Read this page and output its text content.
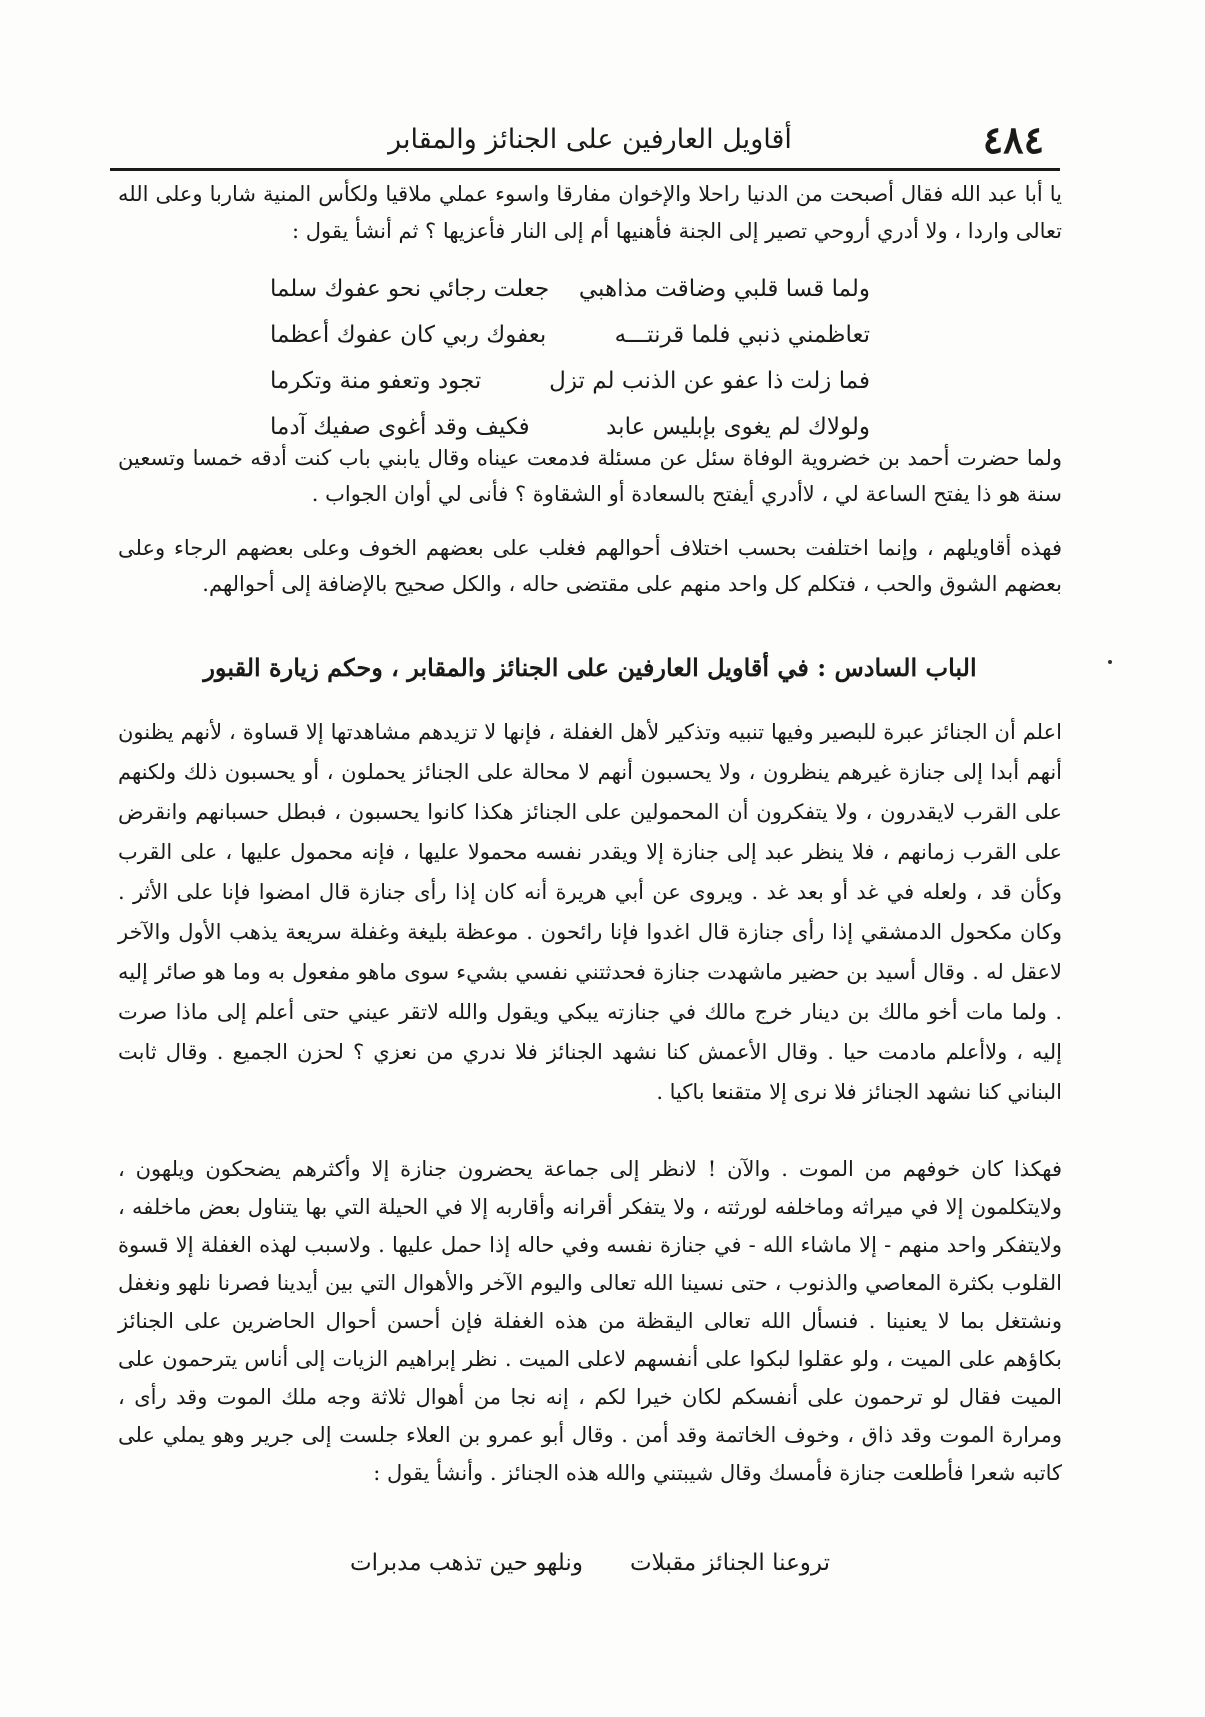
٤٨٤
أقاويل العارفين على الجنائز والمقابر
يا أبا عبد الله فقال أصبحت من الدنيا راحلا والإخوان مفارقا واسوء عملي ملاقيا ولكأس المنية شاربا وعلى الله تعالى واردا ، ولا أدري أروحي تصير إلى الجنة فأهنيها أم إلى النار فأعزيها ؟ ثم أنشأ يقول :
ولما قسا قلبي وضاقت مذاهبي
جعلت رجائي نحو عفوك سلما
تعاظمني ذنبي فلما قرنتـــه
بعفوك ربي كان عفوك أعظما
فما زلت ذا عفو عن الذنب لم تزل
تجود وتعفو منة وتكرما
ولولاك لم يغوى بإبليس عابد
فكيف وقد أغوى صفيك آدما
ولما حضرت أحمد بن خضروية الوفاة سئل عن مسئلة فدمعت عيناه وقال يابني باب كنت أدقه خمسا وتسعين سنة هو ذا يفتح الساعة لي ، لاأدري أيفتح بالسعادة أو الشقاوة ؟ فأنى لي أوان الجواب .
فهذه أقاويلهم ، وإنما اختلفت بحسب اختلاف أحوالهم فغلب على بعضهم الخوف وعلى بعضهم الرجاء وعلى بعضهم الشوق والحب ، فتكلم كل واحد منهم على مقتضى حاله ، والكل صحيح بالإضافة إلى أحوالهم.
الباب السادس : في أقاويل العارفين على الجنائز والمقابر ، وحكم زيارة القبور
اعلم أن الجنائز عبرة للبصير وفيها تنبيه وتذكير لأهل الغفلة ، فإنها لا تزيدهم مشاهدتها إلا قساوة ، لأنهم يظنون أنهم أبدا إلى جنازة غيرهم ينظرون ، ولا يحسبون أنهم لا محالة على الجنائز يحملون ، أو يحسبون ذلك ولكنهم على القرب لايقدرون ، ولا يتفكرون أن المحمولين على الجنائز هكذا كانوا يحسبون ، فبطل حسبانهم وانقرض على القرب زمانهم ، فلا ينظر عبد إلى جنازة إلا ويقدر نفسه محمولا عليها ، فإنه محمول عليها ، على القرب وكأن قد ، ولعله في غد أو بعد غد . ويروى عن أبي هريرة أنه كان إذا رأى جنازة قال امضوا فإنا على الأثر . وكان مكحول الدمشقي إذا رأى جنازة قال اغدوا فإنا رائحون . موعظة بليغة وغفلة سريعة يذهب الأول والآخر لاعقل له . وقال أسيد بن حضير ماشهدت جنازة فحدثتني نفسي بشيء سوى ماهو مفعول به وما هو صائر إليه . ولما مات أخو مالك بن دينار خرج مالك في جنازته يبكي ويقول والله لاتقر عيني حتى أعلم إلى ماذا صرت إليه ، ولاأعلم مادمت حيا . وقال الأعمش كنا نشهد الجنائز فلا ندري من نعزي ؟ لحزن الجميع . وقال ثابت البناني كنا نشهد الجنائز فلا نرى إلا متقنعا باكيا .
فهكذا كان خوفهم من الموت . والآن ! لانظر إلى جماعة يحضرون جنازة إلا وأكثرهم يضحكون ويلهون ، ولايتكلمون إلا في ميراثه وماخلفه لورثته ، ولا يتفكر أقرانه وأقاربه إلا في الحيلة التي بها يتناول بعض ماخلفه ، ولايتفكر واحد منهم - إلا ماشاء الله - في جنازة نفسه وفي حاله إذا حمل عليها . ولاسبب لهذه الغفلة إلا قسوة القلوب بكثرة المعاصي والذنوب ، حتى نسينا الله تعالى واليوم الآخر والأهوال التي بين أيدينا فصرنا نلهو ونغفل ونشتغل بما لا يعنينا . فنسأل الله تعالى اليقظة من هذه الغفلة فإن أحسن أحوال الحاضرين على الجنائز بكاؤهم على الميت ، ولو عقلوا لبكوا على أنفسهم لاعلى الميت . نظر إبراهيم الزيات إلى أناس يترحمون على الميت فقال لو ترحمون على أنفسكم لكان خيرا لكم ، إنه نجا من أهوال ثلاثة وجه ملك الموت وقد رأى ، ومرارة الموت وقد ذاق ، وخوف الخاتمة وقد أمن . وقال أبو عمرو بن العلاء جلست إلى جرير وهو يملي على كاتبه شعرا فأطلعت جنازة فأمسك وقال شيبتني والله هذه الجنائز . وأنشأ يقول :
تروعنا الجنائز مقبلات
ونلهو حين تذهب مدبرات
